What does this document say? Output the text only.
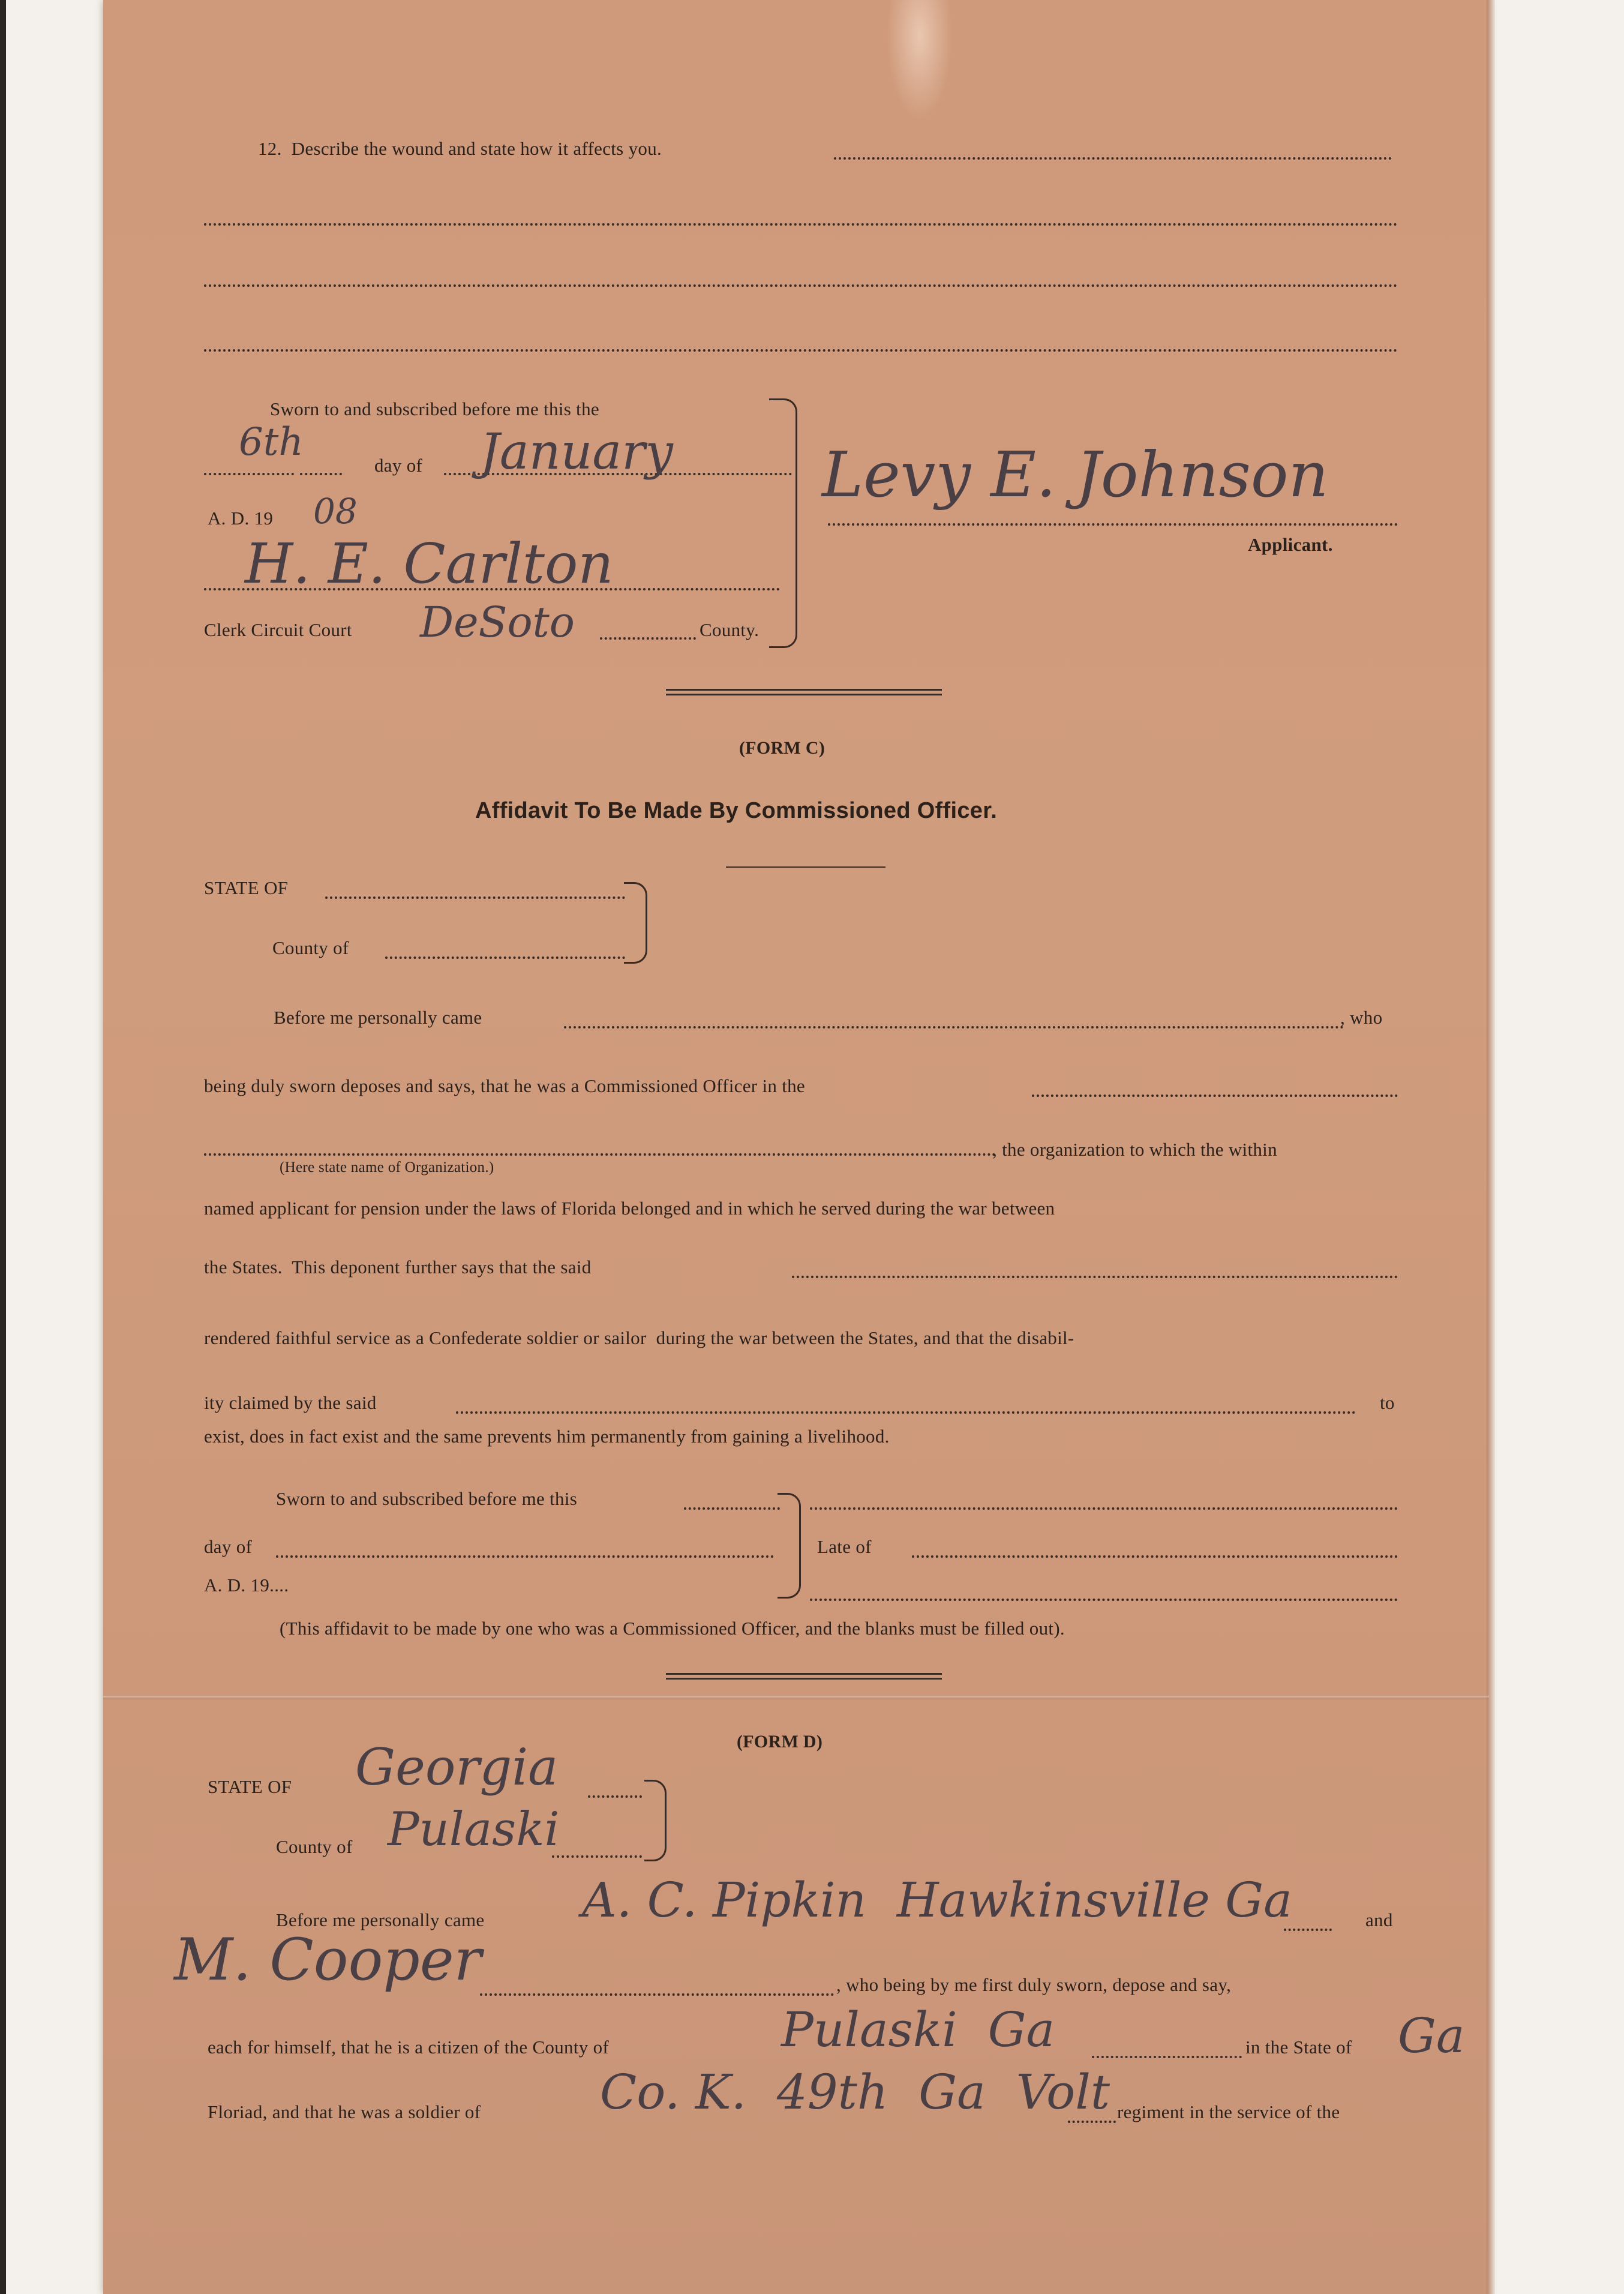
12.  Describe the wound and state how it affects you.
Sworn to and subscribed before me this the
6th
day of January
A. D. 19 08
H. E. Carlton
Clerk Circuit Court DeSoto	County.
Levy E. Johnson
Applicant.
(FORM C)
Affidavit To Be Made By Commissioned Officer.
STATE OF
County of
Before me personally came	, who
being duly sworn deposes and says, that he was a Commissioned Officer in the
, the organization to which the within
(Here state name of Organization.)
named applicant for pension under the laws of Florida belonged and in which he served during the war between
the States.  This deponent further says that the said
rendered faithful service as a Confederate soldier or sailor  during the war between the States, and that the disabil-
ity claimed by the said	to
exist, does in fact exist and the same prevents him permanently from gaining a livelihood.
Sworn to and subscribed before me this
day of
A. D. 19....
Late of
(This affidavit to be made by one who was a Commissioned Officer, and the blanks must be filled out).
(FORM D)
STATE OF Georgia
County of Pulaski
Before me personally came A. C. Pipkin  Hawkinsville Ga	and
M. Cooper	, who being by me first duly sworn, depose and say,
each for himself, that he is a citizen of the County of	Pulaski  Ga	in the State of Ga
Floriad, and that he was a soldier of Co. K.  49th  Ga  Volt regiment in the service of the
